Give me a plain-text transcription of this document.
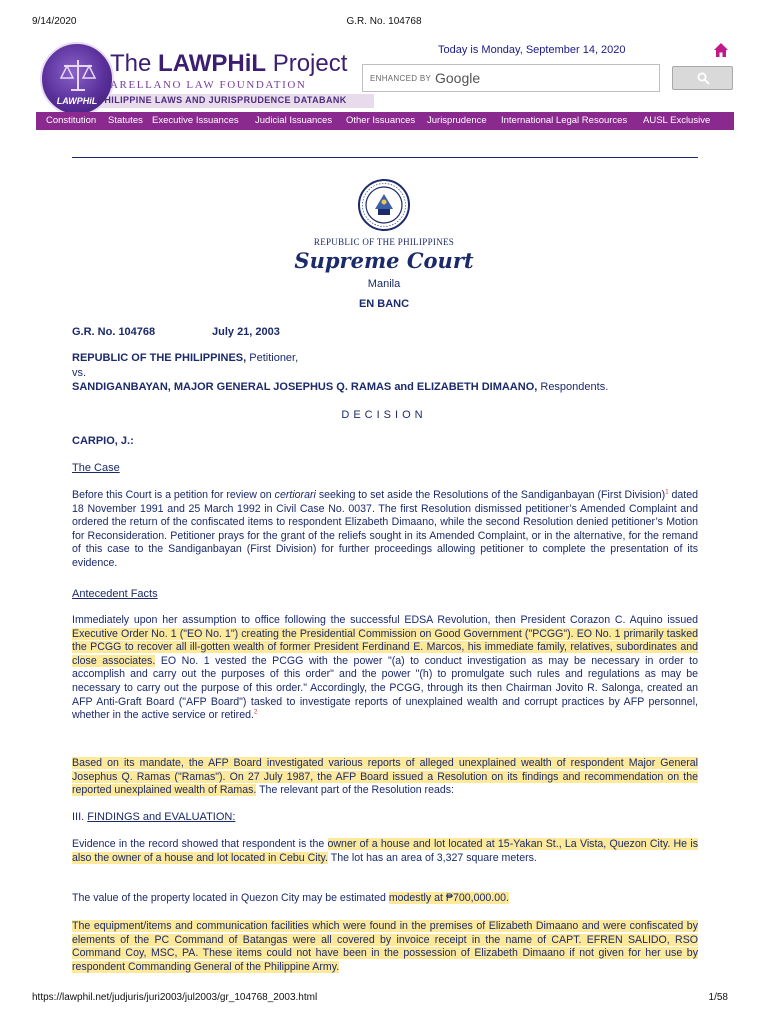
9/14/2020	G.R. No. 104768
LAWPHiL
The LAWPHiL Project
ARELLANO LAW FOUNDATION
PHILIPPINE LAWS AND JURISPRUDENCE DATABANK
Today is Monday, September 14, 2020
ENHANCED BY Google
Constitution Statutes Executive Issuances Judicial Issuances Other Issuances Jurisprudence International Legal Resources AUSL Exclusive
REPUBLIC OF THE PHILIPPINES
Supreme Court
Manila
EN BANC
G.R. No. 104768	July 21, 2003
REPUBLIC OF THE PHILIPPINES, Petitioner,
vs.
SANDIGANBAYAN, MAJOR GENERAL JOSEPHUS Q. RAMAS and ELIZABETH DIMAANO, Respondents.
DECISION
CARPIO, J.:
The Case
Before this Court is a petition for review on certiorari seeking to set aside the Resolutions of the Sandiganbayan (First Division)$^1$ dated 18 November 1991 and 25 March 1992 in Civil Case No. 0037. The first Resolution dismissed petitioner’s Amended Complaint and ordered the return of the confiscated items to respondent Elizabeth Dimaano, while the second Resolution denied petitioner’s Motion for Reconsideration. Petitioner prays for the grant of the reliefs sought in its Amended Complaint, or in the alternative, for the remand of this case to the Sandiganbayan (First Division) for further proceedings allowing petitioner to complete the presentation of its evidence.
Antecedent Facts
Immediately upon her assumption to office following the successful EDSA Revolution, then President Corazon C. Aquino issued Executive Order No. 1 ("EO No. 1") creating the Presidential Commission on Good Government ("PCGG"). EO No. 1 primarily tasked the PCGG to recover all ill-gotten wealth of former President Ferdinand E. Marcos, his immediate family, relatives, subordinates and close associates. EO No. 1 vested the PCGG with the power "(a) to conduct investigation as may be necessary in order to accomplish and carry out the purposes of this order" and the power "(h) to promulgate such rules and regulations as may be necessary to carry out the purpose of this order." Accordingly, the PCGG, through its then Chairman Jovito R. Salonga, created an AFP Anti-Graft Board ("AFP Board") tasked to investigate reports of unexplained wealth and corrupt practices by AFP personnel, whether in the active service or retired.$^2$
Based on its mandate, the AFP Board investigated various reports of alleged unexplained wealth of respondent Major General Josephus Q. Ramas ("Ramas"). On 27 July 1987, the AFP Board issued a Resolution on its findings and recommendation on the reported unexplained wealth of Ramas. The relevant part of the Resolution reads:
III. FINDINGS and EVALUATION:
Evidence in the record showed that respondent is the owner of a house and lot located at 15-Yakan St., La Vista, Quezon City. He is also the owner of a house and lot located in Cebu City. The lot has an area of 3,327 square meters.
The value of the property located in Quezon City may be estimated modestly at ₱700,000.00.
The equipment/items and communication facilities which were found in the premises of Elizabeth Dimaano and were confiscated by elements of the PC Command of Batangas were all covered by invoice receipt in the name of CAPT. EFREN SALIDO, RSO Command Coy, MSC, PA. These items could not have been in the possession of Elizabeth Dimaano if not given for her use by respondent Commanding General of the Philippine Army.
https://lawphil.net/judjuris/juri2003/jul2003/gr_104768_2003.html	1/58
